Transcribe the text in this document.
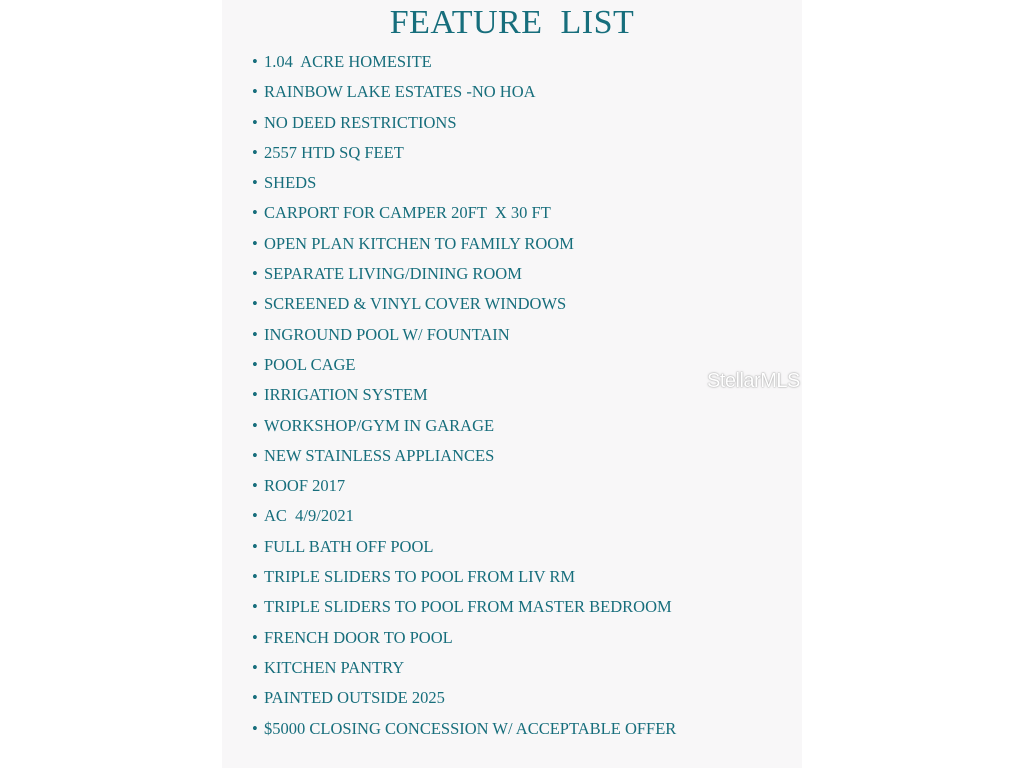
FEATURE  LIST
• 1.04  ACRE HOMESITE
• RAINBOW LAKE ESTATES -NO HOA
• NO DEED RESTRICTIONS
• 2557 HTD SQ FEET
• SHEDS
• CARPORT FOR CAMPER 20FT  X 30 FT
• OPEN PLAN KITCHEN TO FAMILY ROOM
• SEPARATE LIVING/DINING ROOM
• SCREENED & VINYL COVER WINDOWS
• INGROUND POOL W/ FOUNTAIN
• POOL CAGE
• IRRIGATION SYSTEM
• WORKSHOP/GYM IN GARAGE
• NEW STAINLESS APPLIANCES
• ROOF 2017
• AC  4/9/2021
• FULL BATH OFF POOL
• TRIPLE SLIDERS TO POOL FROM LIV RM
• TRIPLE SLIDERS TO POOL FROM MASTER BEDROOM
• FRENCH DOOR TO POOL
• KITCHEN PANTRY
• PAINTED OUTSIDE 2025
• $5000 CLOSING CONCESSION W/ ACCEPTABLE OFFER
StellarMLS
